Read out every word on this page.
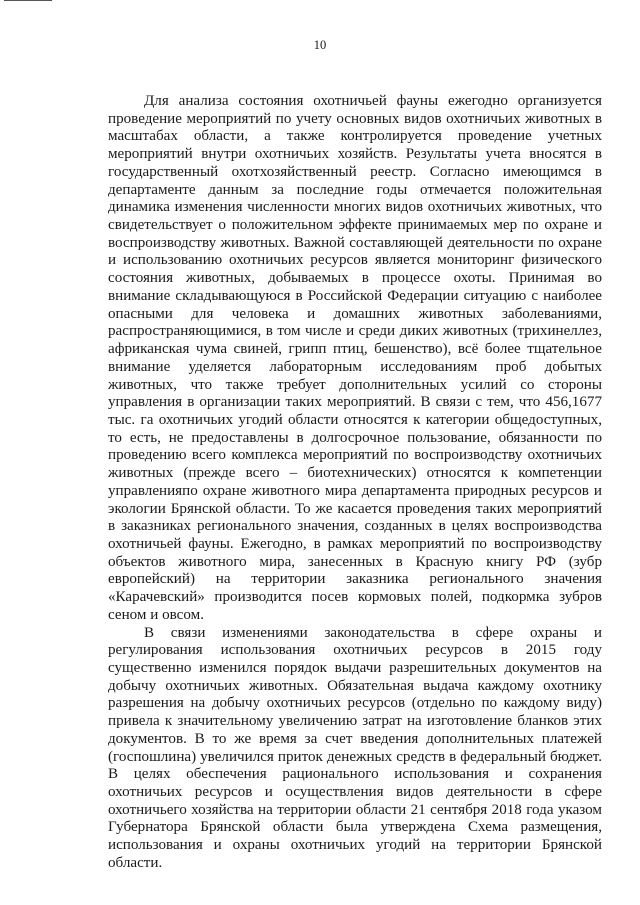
10

Для анализа состояния охотничьей фауны ежегодно организуется проведение мероприятий по учету основных видов охотничьих животных в масштабах области, а также контролируется проведение учетных мероприятий внутри охотничьих хозяйств. Результаты учета вносятся в государственный охотхозяйственный реестр. Согласно имеющимся в департаменте данным за последние годы отмечается положительная динамика изменения численности многих видов охотничьих животных, что свидетельствует о положительном эффекте принимаемых мер по охране и воспроизводству животных. Важной составляющей деятельности по охране и использованию охотничьих ресурсов является мониторинг физического состояния животных, добываемых в процессе охоты. Принимая во внимание складывающуюся в Российской Федерации ситуацию с наиболее опасными для человека и домашних животных заболеваниями, распространяющимися, в том числе и среди диких животных (трихинеллез, африканская чума свиней, грипп птиц, бешенство), всё более тщательное внимание уделяется лабораторным исследованиям проб добытых животных, что также требует дополнительных усилий со стороны управления в организации таких мероприятий. В связи с тем, что 456,1677 тыс. га охотничьих угодий области относятся к категории общедоступных, то есть, не предоставлены в долгосрочное пользование, обязанности по проведению всего комплекса мероприятий по воспроизводству охотничьих животных (прежде всего – биотехнических) относятся к компетенции управленияпо охране животного мира департамента природных ресурсов и экологии Брянской области. То же касается проведения таких мероприятий в заказниках регионального значения, созданных в целях воспроизводства охотничьей фауны. Ежегодно, в рамках мероприятий по воспроизводству объектов животного мира, занесенных в Красную книгу РФ (зубр европейский) на территории заказника регионального значения «Карачевский» производится посев кормовых полей, подкормка зубров сеном и овсом.

В связи изменениями законодательства в сфере охраны и регулирования использования охотничьих ресурсов в 2015 году существенно изменился порядок выдачи разрешительных документов на добычу охотничьих животных. Обязательная выдача каждому охотнику разрешения на добычу охотничьих ресурсов (отдельно по каждому виду) привела к значительному увеличению затрат на изготовление бланков этих документов. В то же время за счет введения дополнительных платежей (госпошлина) увеличился приток денежных средств в федеральный бюджет. В целях обеспечения рационального использования и сохранения охотничьих ресурсов и осуществления видов деятельности в сфере охотничьего хозяйства на территории области 21 сентября 2018 года указом Губернатора Брянской области была утверждена Схема размещения, использования и охраны охотничьих угодий на территории Брянской области.
